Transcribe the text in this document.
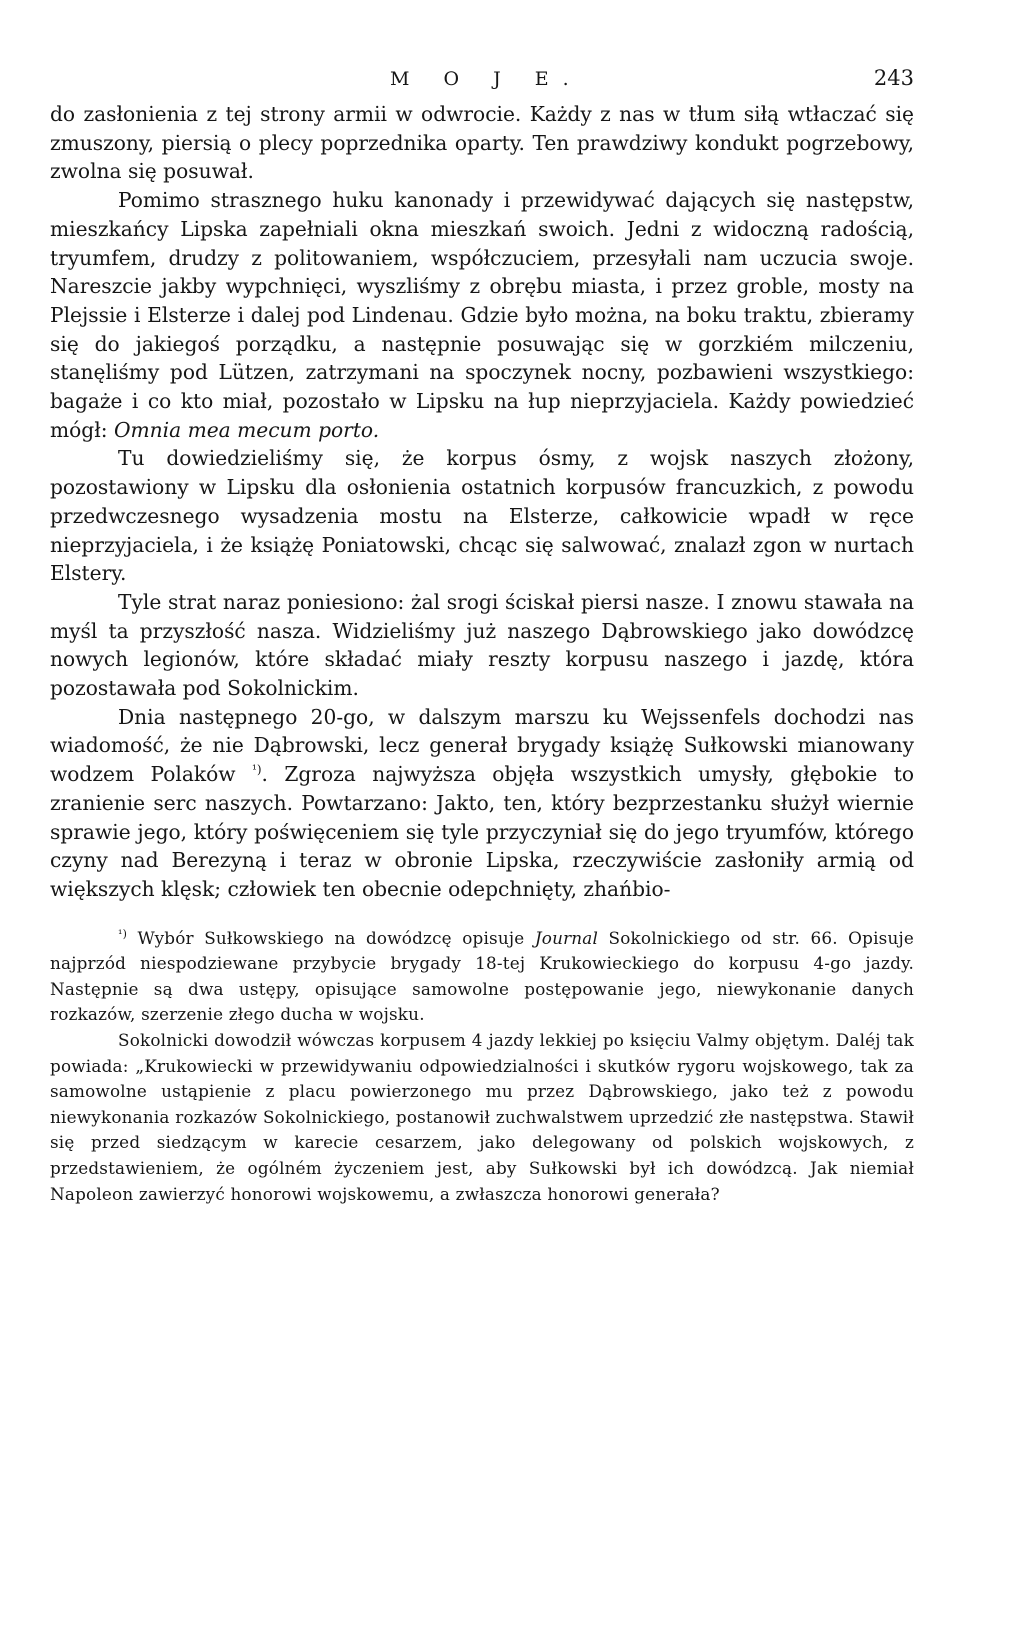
M O J E.	243

do zasłonienia z tej strony armii w odwrocie. Każdy z nas w tłum siłą wtłaczać się zmuszony, piersią o plecy poprzednika oparty. Ten prawdziwy kondukt pogrzebowy, zwolna się posuwał.

Pomimo strasznego huku kanonady i przewidywać dających się następstw, mieszkańcy Lipska zapełniali okna mieszkań swoich. Jedni z widoczną radością, tryumfem, drudzy z politowaniem, współczuciem, przesyłali nam uczucia swoje. Nareszcie jakby wypchnięci, wyszliśmy z obrębu miasta, i przez groble, mosty na Plejssie i Elsterze i dalej pod Lindenau. Gdzie było można, na boku traktu, zbieramy się do jakiegoś porządku, a następnie posuwając się w gorzkiém milczeniu, stanęliśmy pod Lützen, zatrzymani na spoczynek nocny, pozbawieni wszystkiego: bagaże i co kto miał, pozostało w Lipsku na łup nieprzyjaciela. Każdy powiedzieć mógł: Omnia mea mecum porto.

Tu dowiedzieliśmy się, że korpus ósmy, z wojsk naszych złożony, pozostawiony w Lipsku dla osłonienia ostatnich korpusów francuzkich, z powodu przedwczesnego wysadzenia mostu na Elsterze, całkowicie wpadł w ręce nieprzyjaciela, i że książę Poniatowski, chcąc się salwować, znalazł zgon w nurtach Elstery.

Tyle strat naraz poniesiono: żal srogi ściskał piersi nasze. I znowu stawała na myśl ta przyszłość nasza. Widzieliśmy już naszego Dąbrowskiego jako dowódzcę nowych legionów, które składać miały reszty korpusu naszego i jazdę, która pozostawała pod Sokolnickim.

Dnia następnego 20-go, w dalszym marszu ku Wejssenfels dochodzi nas wiadomość, że nie Dąbrowski, lecz generał brygady książę Sułkowski mianowany wodzem Polaków $^{^1)}$. Zgroza najwyższa objęła wszystkich umysły, głębokie to zranienie serc naszych. Powtarzano: Jakto, ten, który bezprzestanku służył wiernie sprawie jego, który poświęceniem się tyle przyczyniał się do jego tryumfów, którego czyny nad Berezyną i teraz w obronie Lipska, rzeczywiście zasłoniły armią od większych klęsk; człowiek ten obecnie odepchnięty, zhańbio-

$^{^1)}$ Wybór Sułkowskiego na dowódzcę opisuje Journal Sokolnickiego od str. 66. Opisuje najprzód niespodziewane przybycie brygady 18-tej Krukowieckiego do korpusu 4-go jazdy. Następnie są dwa ustępy, opisujące samowolne postępowanie jego, niewykonanie danych rozkazów, szerzenie złego ducha w wojsku.

Sokolnicki dowodził wówczas korpusem 4 jazdy lekkiej po księciu Valmy objętym. Daléj tak powiada: „Krukowiecki w przewidywaniu odpowiedzialności i skutków rygoru wojskowego, tak za samowolne ustąpienie z placu powierzonego mu przez Dąbrowskiego, jako też z powodu niewykonania rozkazów Sokolnickiego, postanowił zuchwalstwem uprzedzić złe następstwa. Stawił się przed siedzącym w karecie cesarzem, jako delegowany od polskich wojskowych, z przedstawieniem, że ogólném życzeniem jest, aby Sułkowski był ich dowódzcą. Jak niemiał Napoleon zawierzyć honorowi wojskowemu, a zwłaszcza honorowi generała?
